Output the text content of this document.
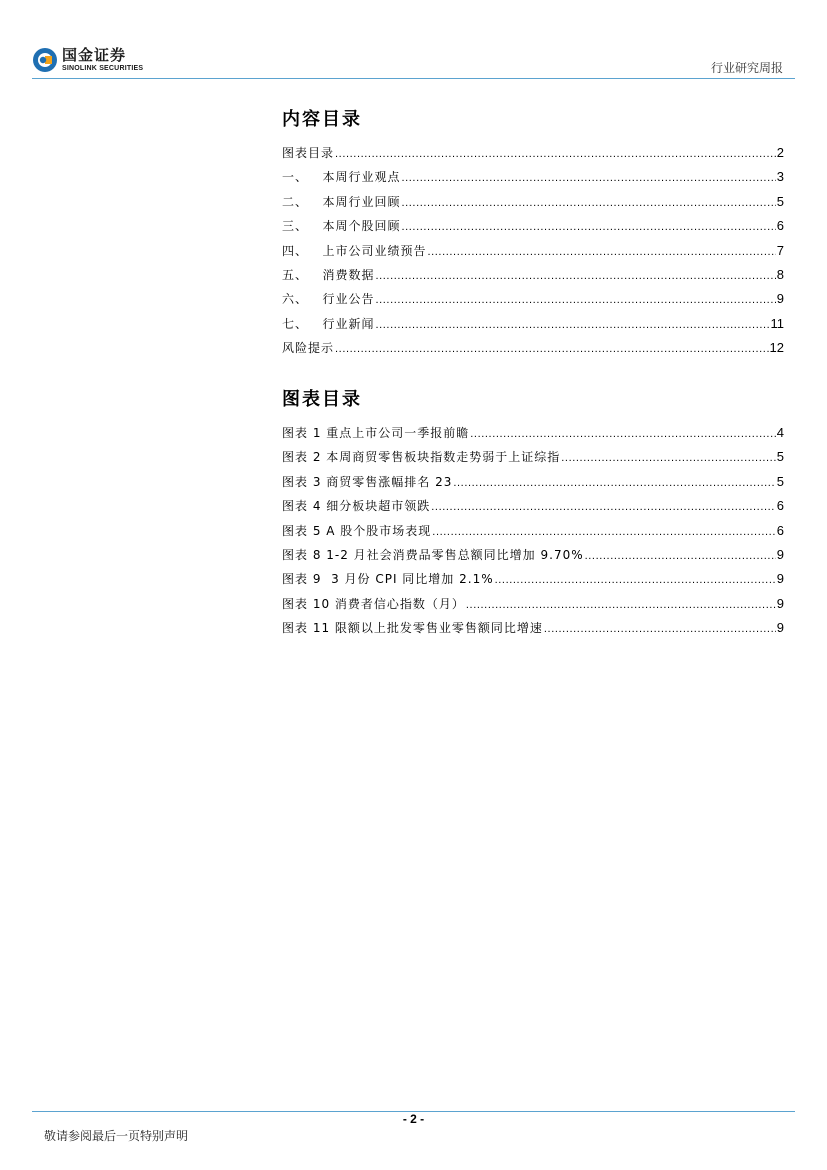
国金证券
SINOLINK SECURITIES	行业研究周报
内容目录
图表目录 .....	2
一、   本周行业观点 .....	3
二、   本周行业回顾 .....	5
三、   本周个股回顾 .....	6
四、   上市公司业绩预告 .....	7
五、   消费数据 .....	8
六、   行业公告 .....	9
七、   行业新闻 .....	11
风险提示 .....	12
图表目录
图表 1 重点上市公司一季报前瞻 .....	4
图表 2 本周商贸零售板块指数走势弱于上证综指 .....	5
图表 3 商贸零售涨幅排名 23 .....	5
图表 4 细分板块超市领跌 .....	6
图表 5 A 股个股市场表现 .....	6
图表 8 1-2 月社会消费品零售总额同比增加 9.70% .....	9
图表 9  3 月份 CPI 同比增加 2.1% .....	9
图表 10 消费者信心指数（月） .....	9
图表 11 限额以上批发零售业零售额同比增速 .....	9
- 2 -
敬请参阅最后一页特别声明
